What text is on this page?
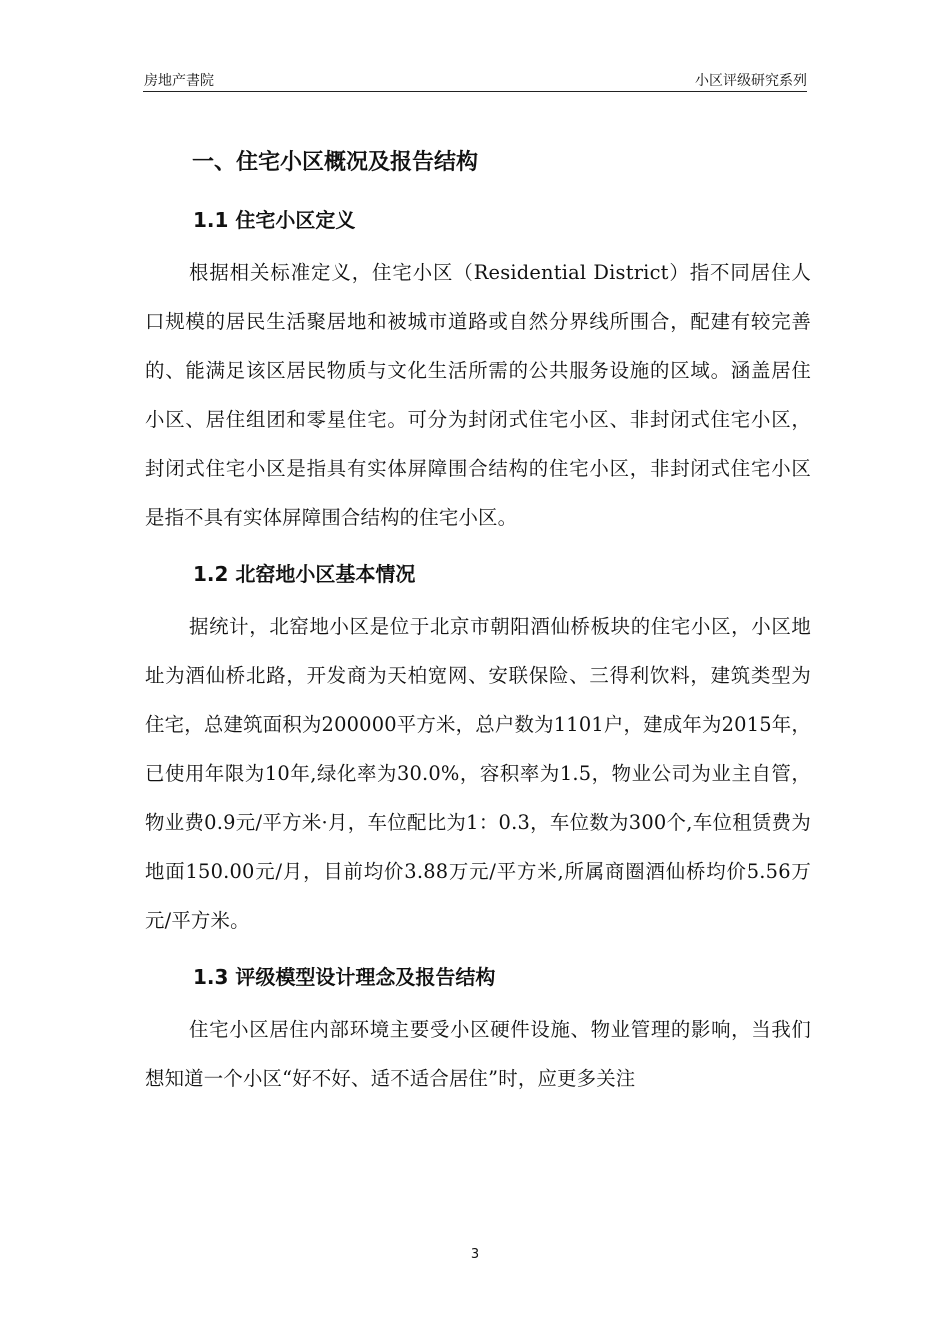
房地产書院	小区评级研究系列
一、住宅小区概况及报告结构
1.1 住宅小区定义

根据相关标准定义，住宅小区（Residential District）指不同居住人口规模的居民生活聚居地和被城市道路或自然分界线所围合，配建有较完善的、能满足该区居民物质与文化生活所需的公共服务设施的区域。涵盖居住小区、居住组团和零星住宅。可分为封闭式住宅小区、非封闭式住宅小区，封闭式住宅小区是指具有实体屏障围合结构的住宅小区，非封闭式住宅小区是指不具有实体屏障围合结构的住宅小区。

1.2 北窑地小区基本情况

据统计，北窑地小区是位于北京市朝阳酒仙桥板块的住宅小区，小区地址为酒仙桥北路，开发商为天柏宽网、安联保险、三得利饮料，建筑类型为住宅，总建筑面积为200000平方米，总户数为1101户，建成年为2015年，已使用年限为10年,绿化率为30.0%，容积率为1.5，物业公司为业主自管，物业费0.9元/平方米·月，车位配比为1：0.3，车位数为300个,车位租赁费为地面150.00元/月，目前均价3.88万元/平方米,所属商圈酒仙桥均价5.56万元/平方米。

1.3 评级模型设计理念及报告结构

住宅小区居住内部环境主要受小区硬件设施、物业管理的影响，当我们想知道一个小区“好不好、适不适合居住”时，应更多关注

3
